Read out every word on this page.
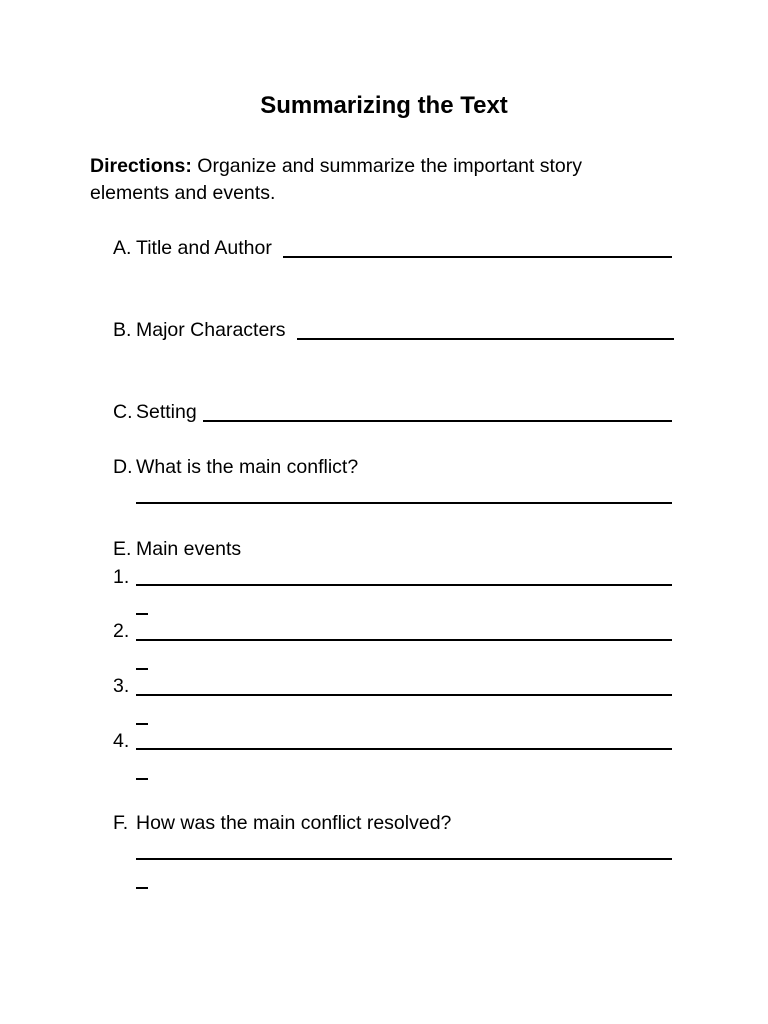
Summarizing the Text
Directions: Organize and summarize the important story elements and events.
A. Title and Author
B. Major Characters
C. Setting
D. What is the main conflict?
E. Main events
1.
2.
3.
4.
F. How was the main conflict resolved?
